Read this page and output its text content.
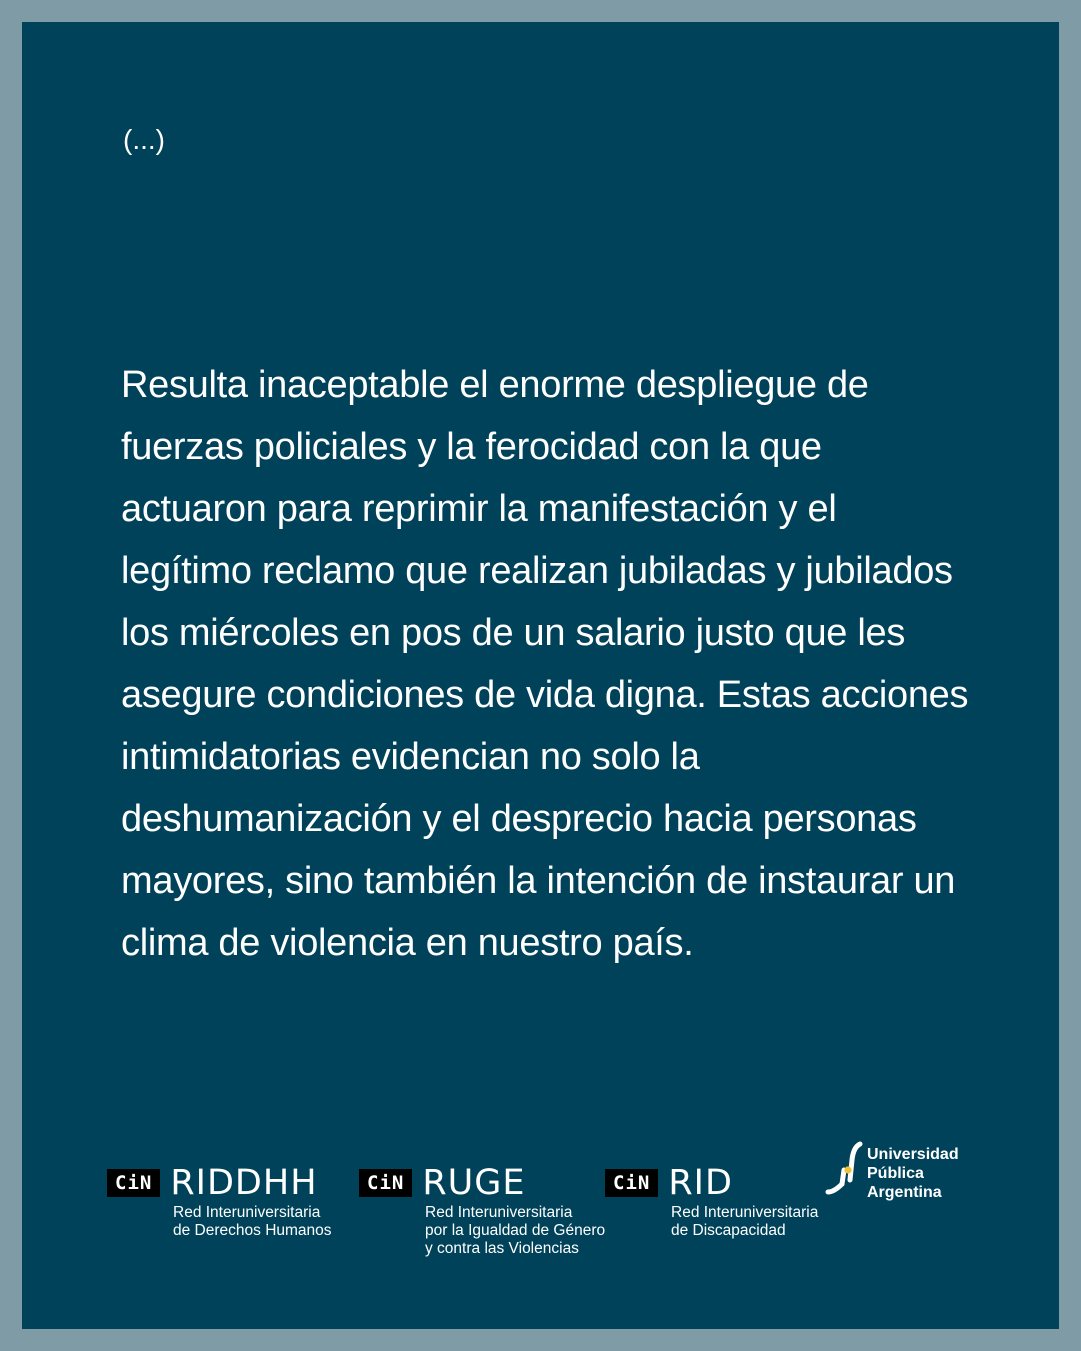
(...)

Resulta inaceptable el enorme despliegue de fuerzas policiales y la ferocidad con la que actuaron para reprimir la manifestación y el legítimo reclamo que realizan jubiladas y jubilados los miércoles en pos de un salario justo que les asegure condiciones de vida digna. Estas acciones intimidatorias evidencian no solo la deshumanización y el desprecio hacia personas mayores, sino también la intención de instaurar un clima de violencia en nuestro país.

CiN RIDDHH
Red Interuniversitaria
de Derechos Humanos
CiN RUGE
Red Interuniversitaria
por la Igualdad de Género
y contra las Violencias
CiN RID
Red Interuniversitaria
de Discapacidad
Universidad
Pública
Argentina
